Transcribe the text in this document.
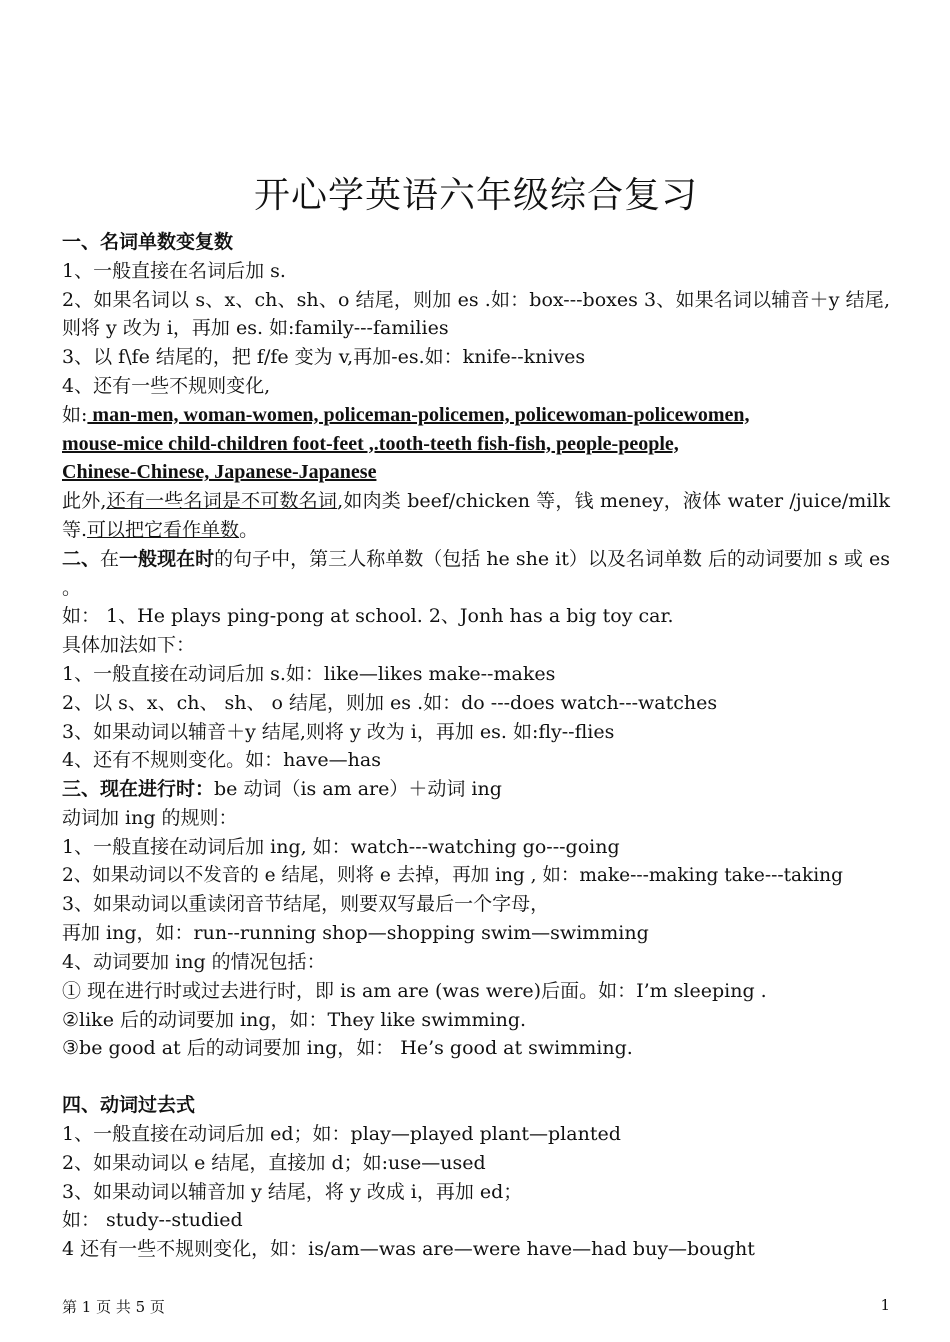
开心学英语六年级综合复习
一、名词单数变复数
1、一般直接在名词后加 s.
2、如果名词以 s、x、ch、sh、o 结尾，则加 es .如：box---boxes 3、如果名词以辅音＋y 结尾,则将 y 改为 i，再加 es. 如:family---families
3、以 f\fe 结尾的，把 f/fe 变为 v,再加-es.如：knife--knives
4、还有一些不规则变化,
如: man-men, woman-women, policeman-policemen, policewoman-policewomen,
mouse-mice child-children foot-feet ,.tooth-teeth fish-fish, people-people,
Chinese-Chinese, Japanese-Japanese
此外,还有一些名词是不可数名词,如肉类 beef/chicken 等，钱 meney，液体 water /juice/milk 等.可以把它看作单数。
二、在一般现在时的句子中，第三人称单数（包括 he she it）以及名词单数 后的动词要加 s 或 es 。
如： 1、He plays ping-pong at school. 2、Jonh has a big toy car.
具体加法如下：
1、一般直接在动词后加 s.如：like—likes make--makes
2、以 s、x、ch、 sh、 o 结尾，则加 es .如：do ---does watch---watches
3、如果动词以辅音＋y 结尾,则将 y 改为 i，再加 es. 如:fly--flies
4、还有不规则变化。如：have—has
三、现在进行时：be 动词（is am are）＋动词 ing
动词加 ing 的规则：
1、一般直接在动词后加 ing, 如：watch---watching go---going
2、如果动词以不发音的 e 结尾，则将 e 去掉，再加 ing , 如：make---making take---taking
3、如果动词以重读闭音节结尾，则要双写最后一个字母，
再加 ing，如：run--running shop—shopping swim—swimming
4、动词要加 ing 的情况包括：
① 现在进行时或过去进行时，即 is am are (was were)后面。如：I’m sleeping .
②like 后的动词要加 ing，如：They like swimming.
③be good at 后的动词要加 ing，如： He’s good at swimming.
四、动词过去式
1、一般直接在动词后加 ed；如：play—played plant—planted
2、如果动词以 e 结尾，直接加 d；如:use—used
3、如果动词以辅音加 y 结尾，将 y 改成 i，再加 ed；
如： study--studied
4 还有一些不规则变化，如：is/am—was are—were have—had buy—bought
第 1 页 共 5 页	1
